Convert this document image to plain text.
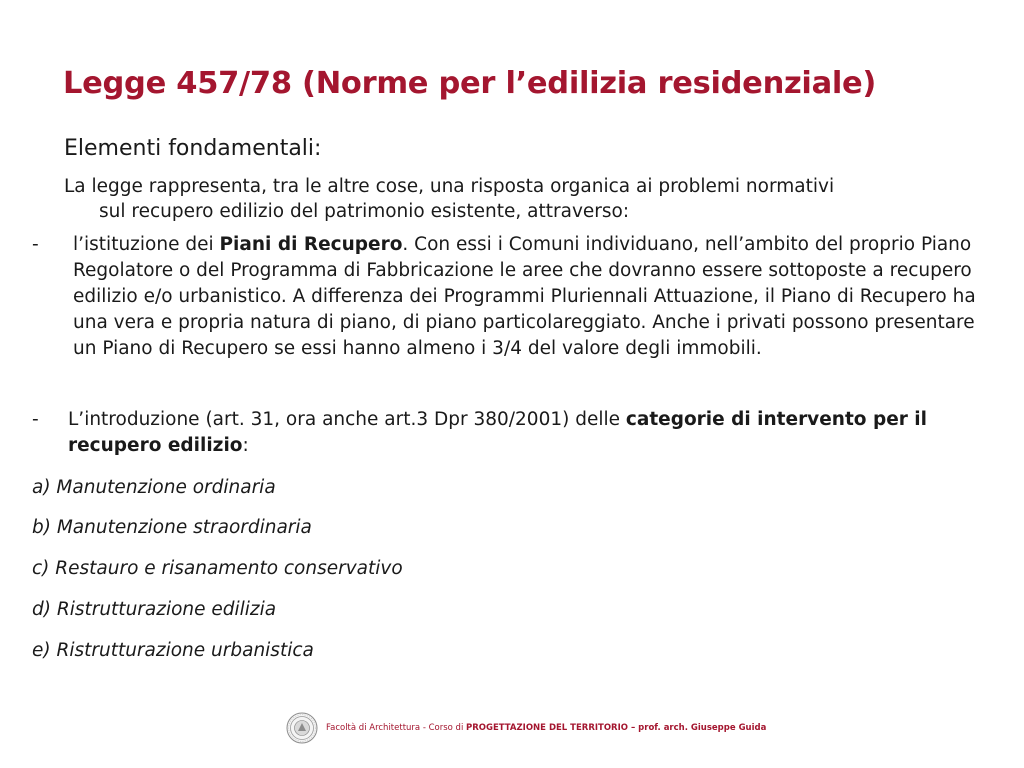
Legge 457/78 (Norme per l’edilizia residenziale)
Elementi fondamentali:
La legge rappresenta, tra le altre cose, una risposta organica ai problemi normativi
sul recupero edilizio del patrimonio esistente, attraverso:
- l’istituzione dei Piani di Recupero. Con essi i Comuni individuano, nell’ambito del proprio Piano Regolatore o del Programma di Fabbricazione le aree che dovranno essere sottoposte a recupero edilizio e/o urbanistico. A differenza dei Programmi Pluriennali Attuazione, il Piano di Recupero ha una vera e propria natura di piano, di piano particolareggiato. Anche i privati possono presentare un Piano di Recupero se essi hanno almeno i 3/4 del valore degli immobili.
- L’introduzione (art. 31, ora anche art.3 Dpr 380/2001) delle categorie di intervento per il recupero edilizio:
a) Manutenzione ordinaria
b) Manutenzione straordinaria
c) Restauro e risanamento conservativo
d) Ristrutturazione edilizia
e) Ristrutturazione urbanistica
Facoltà di Architettura - Corso di PROGETTAZIONE DEL TERRITORIO – prof. arch. Giuseppe Guida
